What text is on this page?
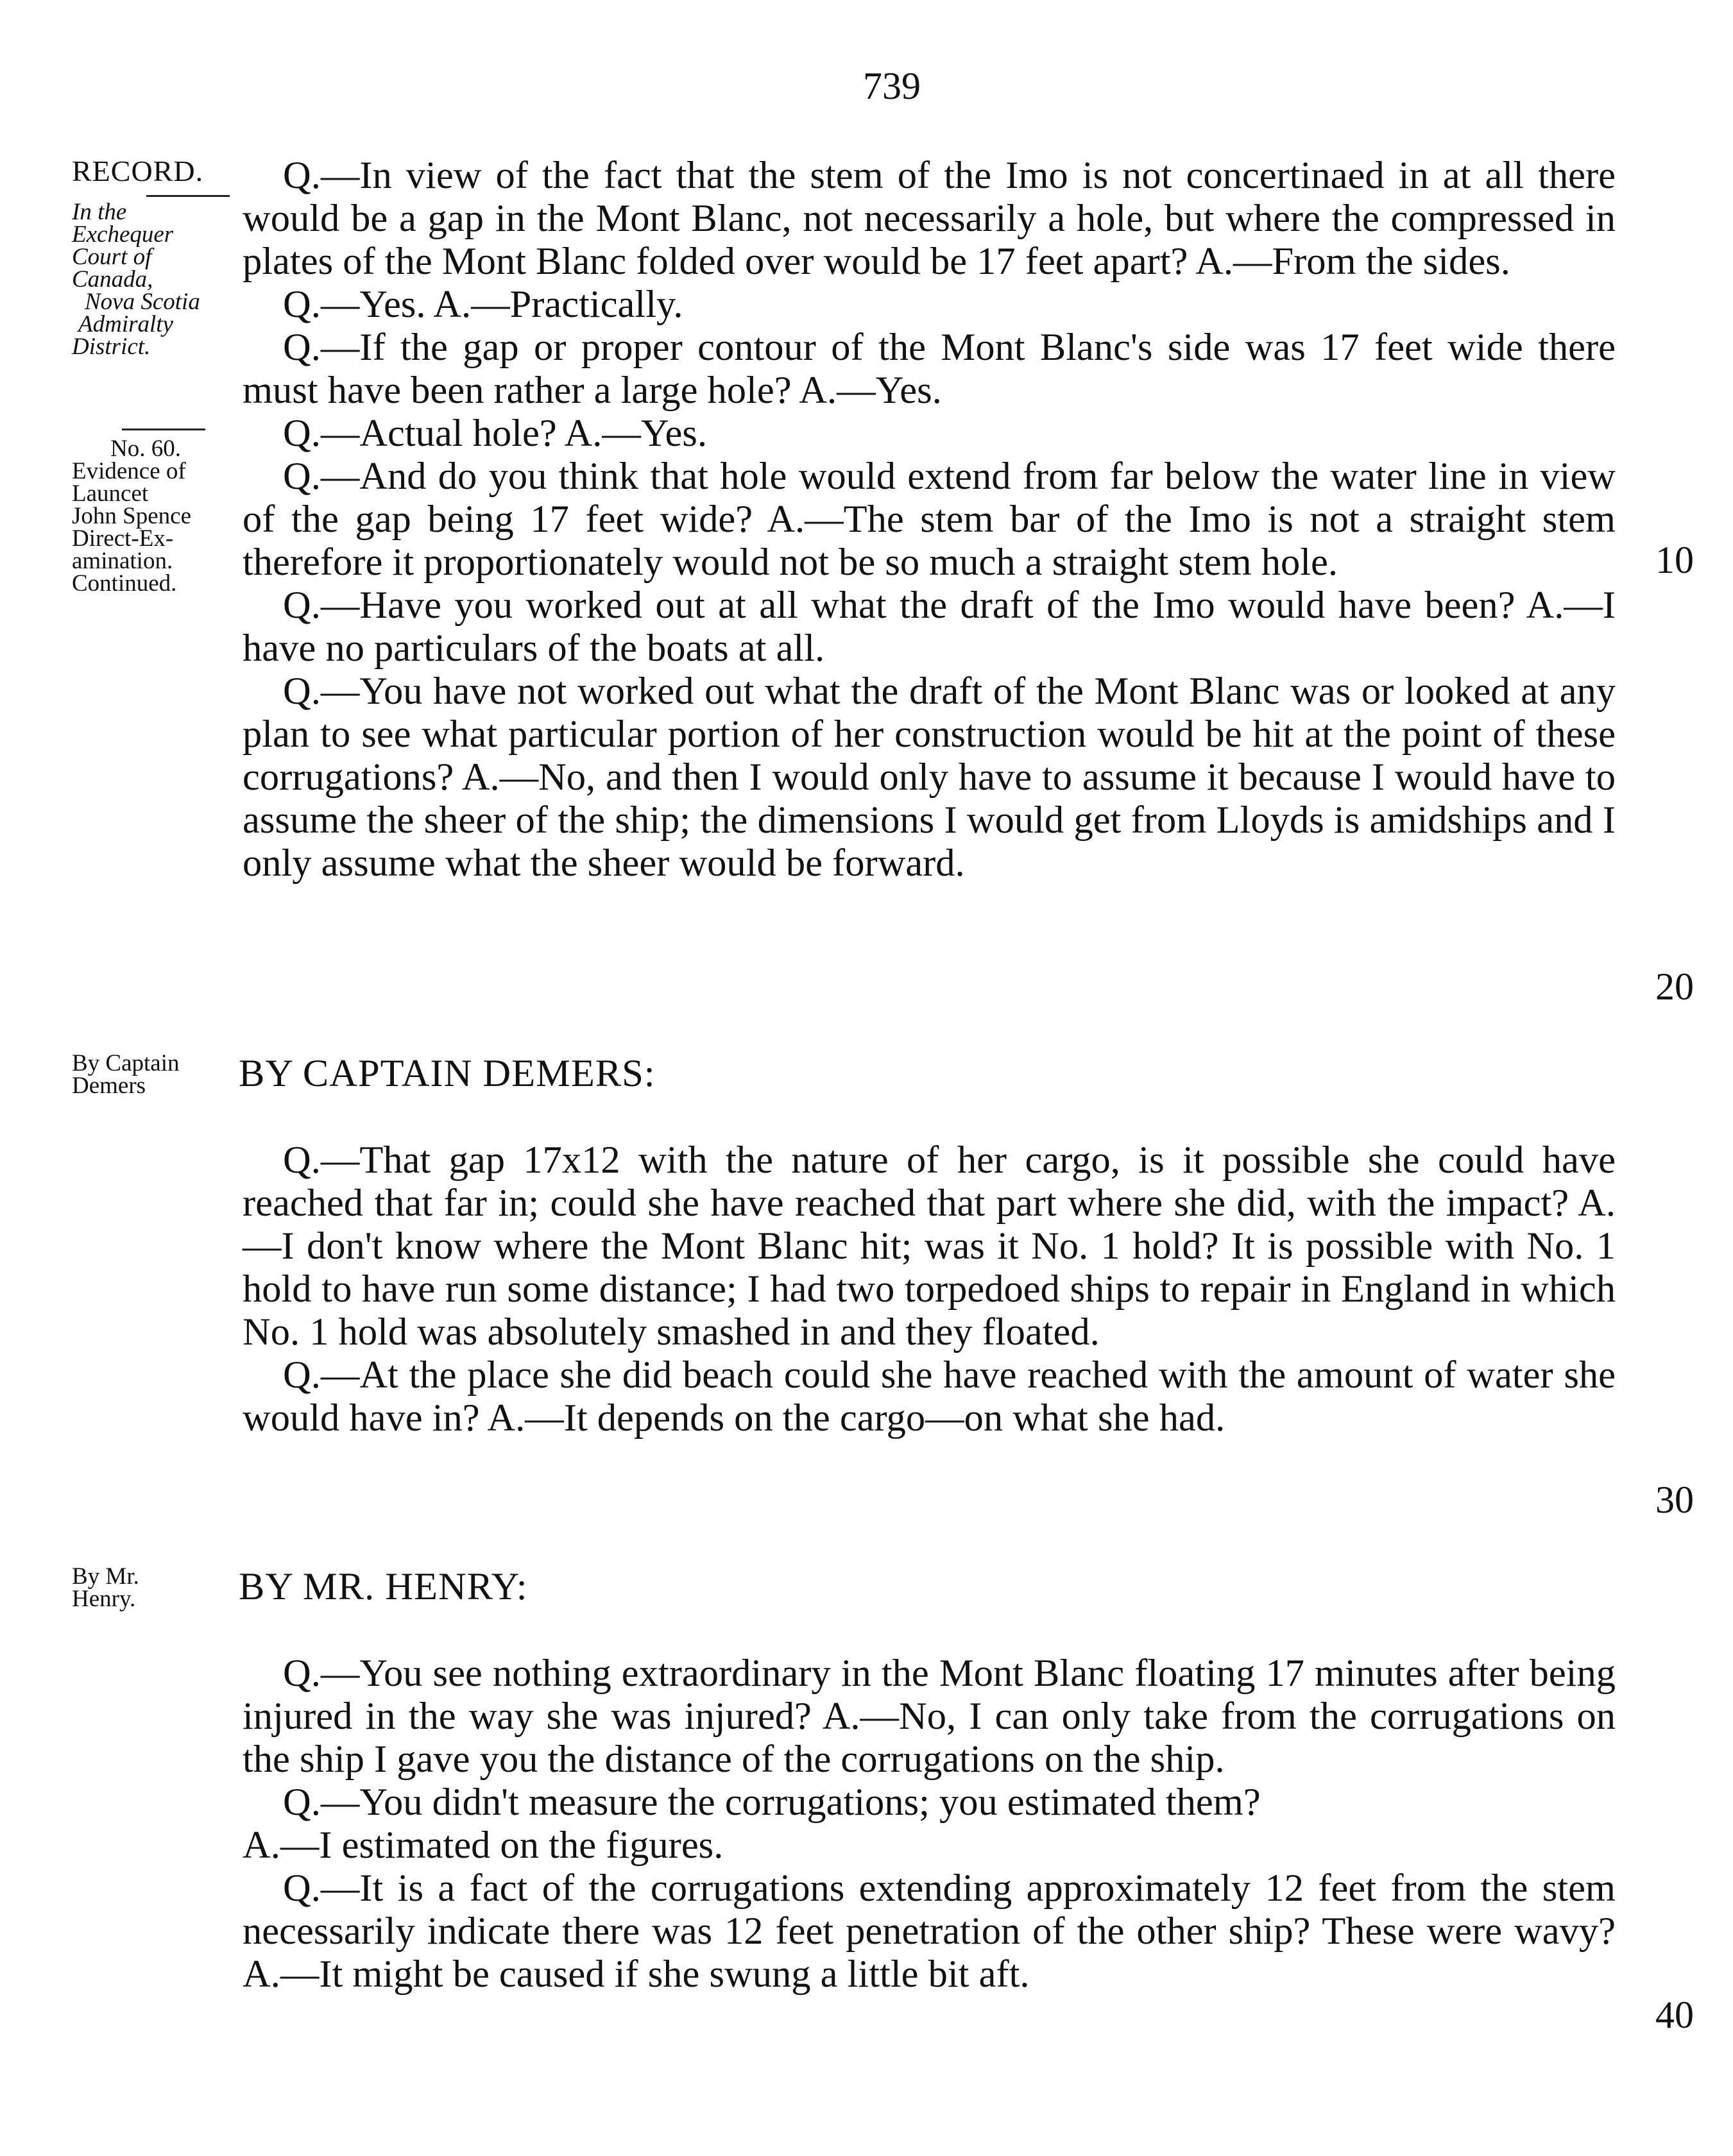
739
RECORD.
In the
Exchequer
Court of
Canada,
Nova Scotia
Admiralty
District.
No. 60.
Evidence of
Launcet
John Spence
Direct-Ex-
amination.
Continued.
By Captain
Demers
By Mr.
Henry.

Q.—In view of the fact that the stem of the Imo is not concertinaed in at all there would be a gap in the Mont Blanc, not necessarily a hole, but where the compressed in plates of the Mont Blanc folded over would be 17 feet apart? A.—From the sides.

Q.—Yes. A.—Practically.

Q.—If the gap or proper contour of the Mont Blanc's side was 17 feet wide there must have been rather a large hole? A.—Yes.

Q.—Actual hole? A.—Yes.

Q.—And do you think that hole would extend from far below the water line in view of the gap being 17 feet wide? A.—The stem bar of the Imo is not a straight stem therefore it proportionately would not be so much a straight stem hole.

Q.—Have you worked out at all what the draft of the Imo would have been? A.—I have no particulars of the boats at all.

Q.—You have not worked out what the draft of the Mont Blanc was or looked at any plan to see what particular portion of her construction would be hit at the point of these corrugations? A.—No, and then I would only have to assume it because I would have to assume the sheer of the ship; the dimensions I would get from Lloyds is amidships and I only assume what the sheer would be forward.

BY CAPTAIN DEMERS:

Q.—That gap 17x12 with the nature of her cargo, is it possible she could have reached that far in; could she have reached that part where she did, with the impact? A.—I don't know where the Mont Blanc hit; was it No. 1 hold? It is possible with No. 1 hold to have run some distance; I had two torpedoed ships to repair in England in which No. 1 hold was absolutely smashed in and they floated.

Q.—At the place she did beach could she have reached with the amount of water she would have in? A.—It depends on the cargo—on what she had.

BY MR. HENRY:

Q.—You see nothing extraordinary in the Mont Blanc floating 17 minutes after being injured in the way she was injured? A.—No, I can only take from the corrugations on the ship I gave you the distance of the corrugations on the ship.

Q.—You didn't measure the corrugations; you estimated them?

A.—I estimated on the figures.

Q.—It is a fact of the corrugations extending approximately 12 feet from the stem necessarily indicate there was 12 feet penetration of the other ship? These were wavy? A.—It might be caused if she swung a little bit aft.

10
20
30
40
